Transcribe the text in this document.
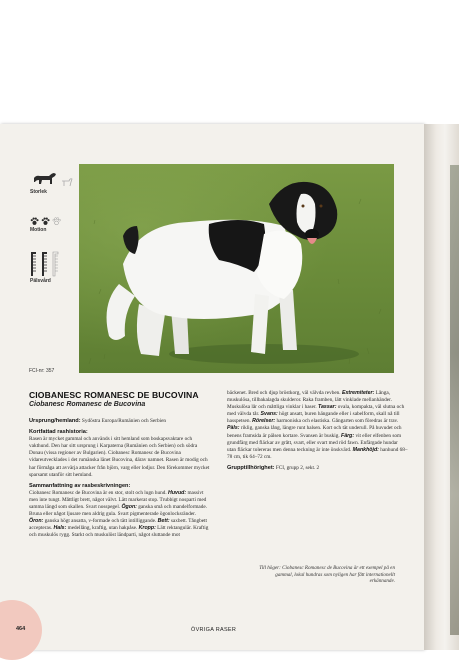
Storlek
Motion
Pälsvård
FCI-nr: 357
CIOBANESC ROMANESC DE BUCOVINA
Ciobanesc Romanesc de Bucovina

Ursprung/hemland: Sydöstra Europa/Rumänien och Serbien

Kortfattad rashistoria:

Rasen är mycket gammal och används i sitt hemland som boskapsvaktare och vakthund. Den har sitt ursprung i Karpaterna (Rumänien och Serbien) och södra Donau (vissa regioner av Bulgarien). Ciobanesc Romanesc de Bucovina vidareutvecklades i det rumänska länet Bucovina, därav namnet. Rasen är modig och har förmåga att avvärja attacker från björn, varg eller lodjur. Den förekommer mycket sparsamt utanför sitt hemland.

Sammanfattning av rasbeskrivningen:

Ciobanesc Romanesc de Bucovina är en stor, stolt och lugn hund. Huvud: massivt men inte tungt. Måttligt brett, något välvt. Lätt markerat stop. Trubbigt nosparti med samma längd som skallen. Svart nosspegel. Ögon: ganska små och mandelformade. Bruna eller något ljusare men aldrig gula. Svart pigmenterade ögonlocksränder. Öron: ganska högt ansatta, v-formade och tätt intilliggande. Bett: saxbett. Tångbett accepteras. Hals: medellång, kraftig, utan hakpåse. Kropp: Lätt rektangulär. Kraftig och muskulös rygg. Starkt och muskulöst ländparti, något sluttande mot

bäckenet. Bred och djup bröstkorg, väl välvda revben. Extremiteter: Långa, muskulösa, tillbakalagda skulderor. Raka framben, lätt vinklade mellanhänder. Muskulösa lår och måttliga vinklar i haser. Tassar: ovala, kompakta, väl slutna och med välvda tår. Svans: högt ansatt, buren hängande eller i sabelform, skall nå till hasspetsen. Rörelser: harmoniska och elastiska. Gångarten som föredras är trav. Päls: riklig, ganska lång, längre runt halsen. Kort och tät underull. På huvudet och benens framsida är pälsen kortare. Svansen är buskig. Färg: vit eller elfenben som grundfärg med fläckar av grått, svart, eller svart med röd fawn. Enfärgade hundar utan fläckar tolereras men denna teckning är inte önskvärd. Mankhöjd: hanhund 68–78 cm, tik 64–72 cm.

Grupptillhörighet: FCI, grupp 2, sekt. 2

Till höger: Ciobanesc Romanesc de Bucovina är ett exempel på en gammal, lokal hundras som nyligen har fått internationellt erkännande.
464	ÖVRIGA RASER
